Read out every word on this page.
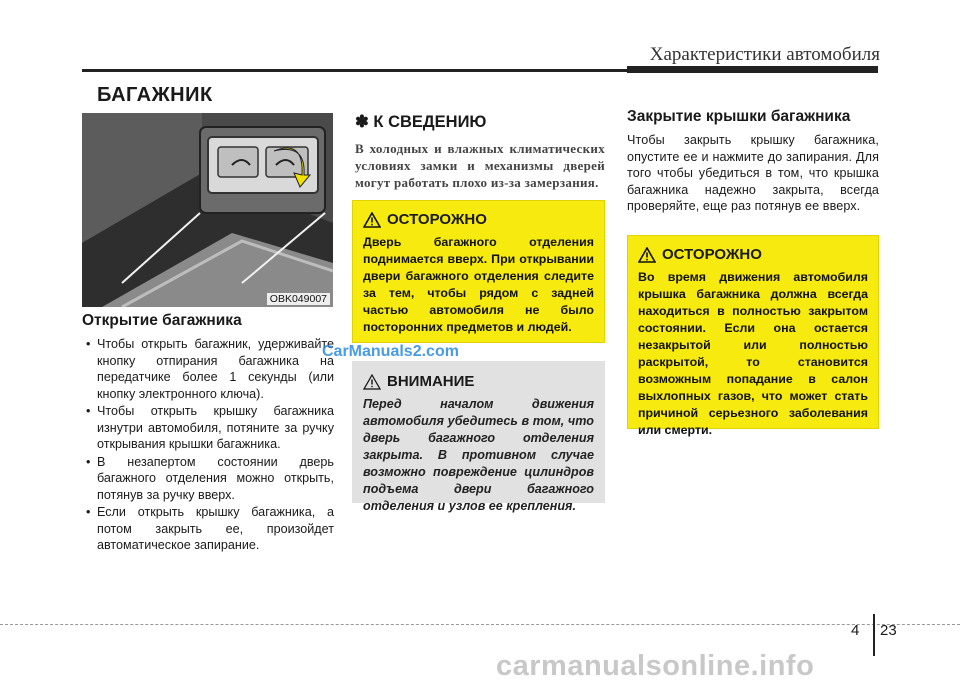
Характеристики автомобиля
БАГАЖНИК
OBK049007
Открытие багажника
• Чтобы открыть багажник, удерживайте кнопку отпирания багажника на передатчике более 1 секунды (или кнопку электронного ключа).
• Чтобы открыть крышку багажника изнутри автомобиля, потяните за ручку открывания крышки багажника.
• В незапертом состоянии дверь багажного отделения можно открыть, потянув за ручку вверх.
• Если открыть крышку багажника, а потом закрыть ее, произойдет автоматическое запирание.
✽ К СВЕДЕНИЮ
В холодных и влажных климатических условиях замки и механизмы дверей могут работать плохо из-за замерзания.
ОСТОРОЖНО
Дверь багажного отделения поднимается вверх. При открывании двери багажного отделения следите за тем, чтобы рядом с задней частью автомобиля не было посторонних предметов и людей.
CarManuals2.com
ВНИМАНИЕ
Перед началом движения автомобиля убедитесь в том, что дверь багажного отделения закрыта. В противном случае возможно повреждение цилиндров подъема двери багажного отделения и узлов ее крепления.
Закрытие крышки багажника
Чтобы закрыть крышку багажника, опустите ее и нажмите до запирания. Для того чтобы убедиться в том, что крышка багажника надежно закрыта, всегда проверяйте, еще раз потянув ее вверх.
ОСТОРОЖНО
Во время движения автомобиля крышка багажника должна всегда находиться в полностью закрытом состоянии. Если она остается незакрытой или полностью раскрытой, то становится возможным попадание в салон выхлопных газов, что может стать причиной серьезного заболевания или смерти.
4 23
carmanualsonline.info
